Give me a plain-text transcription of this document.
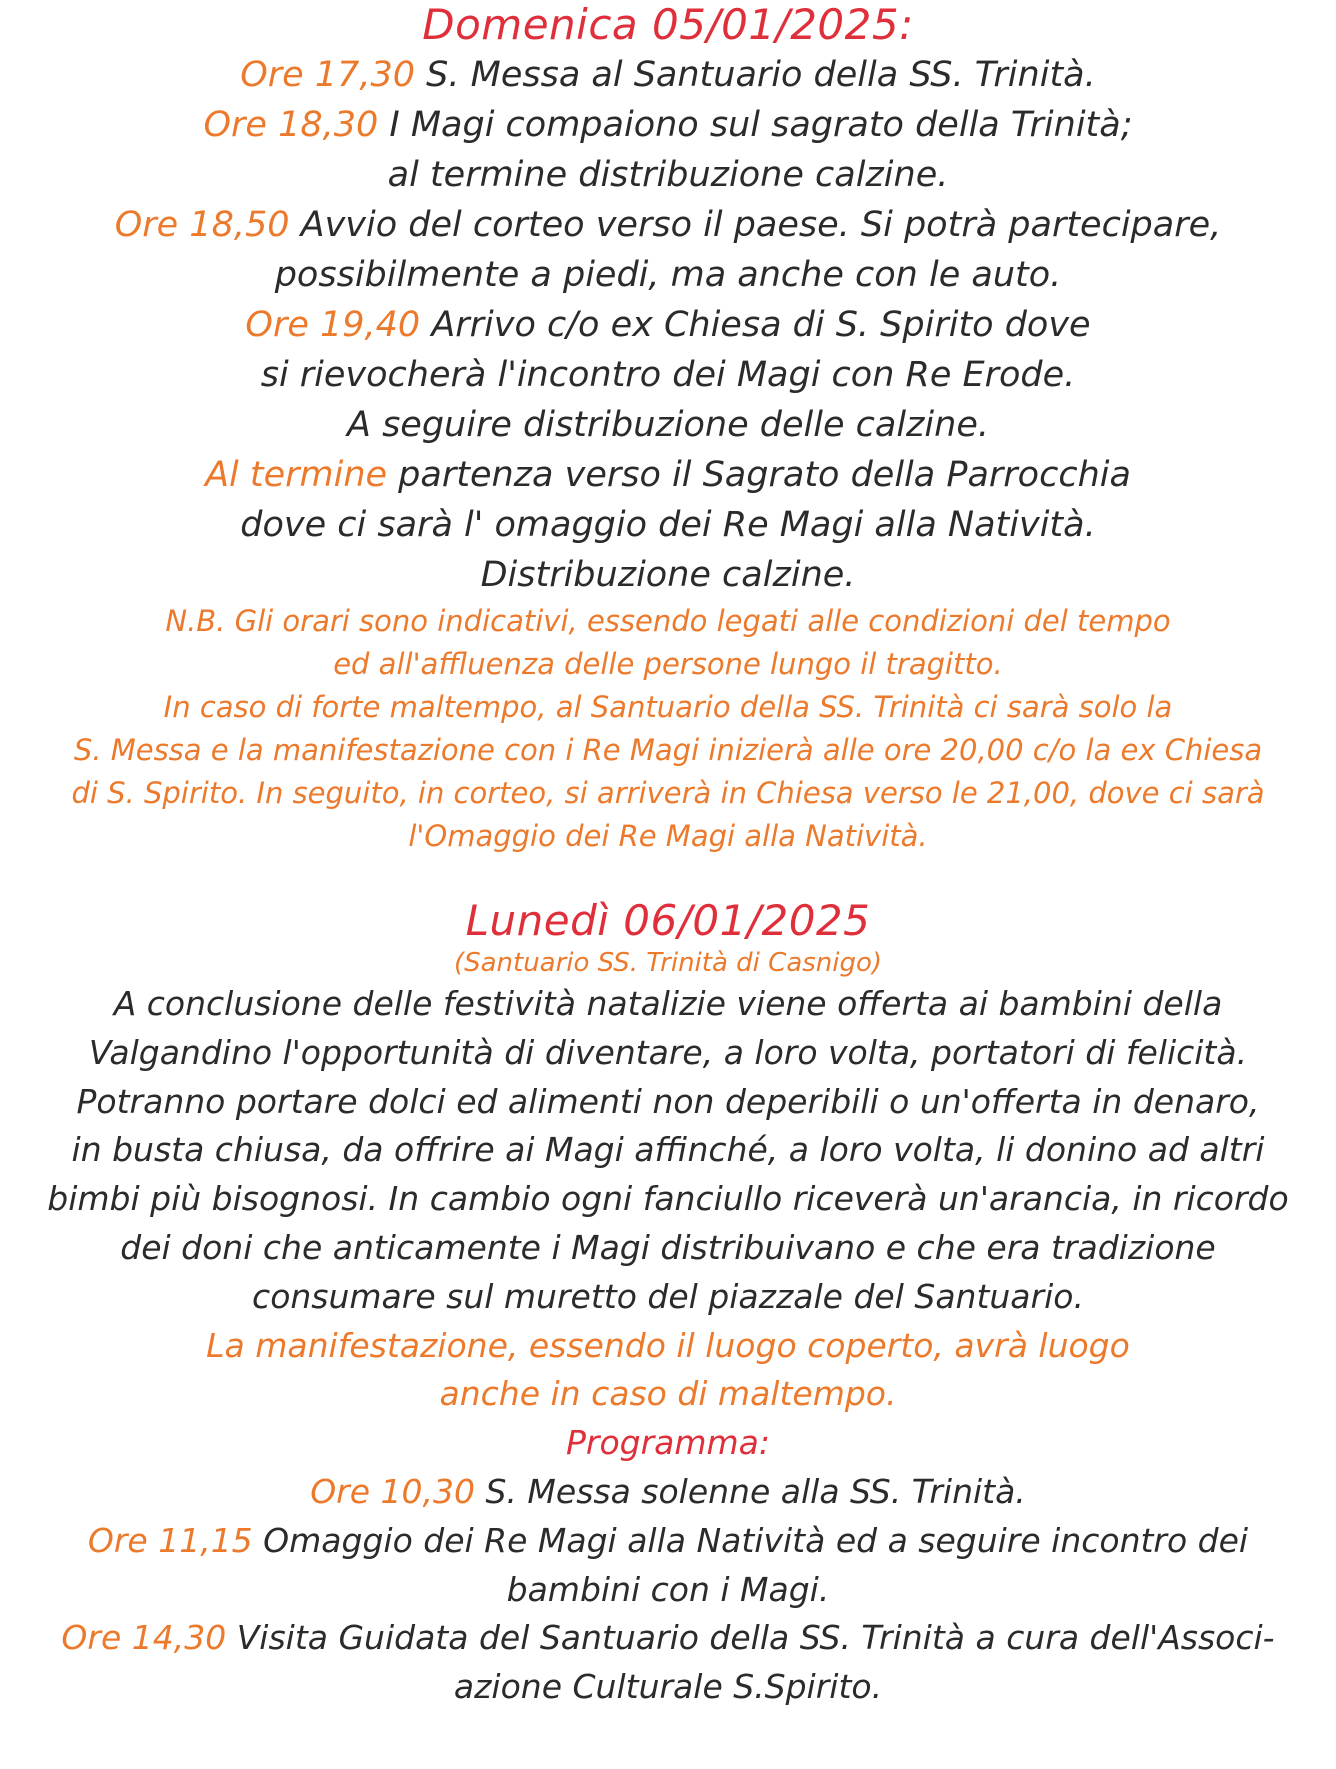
Domenica 05/01/2025:
Ore 17,30 S. Messa al Santuario della SS. Trinità.
Ore 18,30 I Magi compaiono sul sagrato della Trinità;
al termine distribuzione calzine.
Ore 18,50 Avvio del corteo verso il paese. Si potrà partecipare,
possibilmente a piedi, ma anche con le auto.
Ore 19,40 Arrivo c/o ex Chiesa di S. Spirito dove
si rievocherà l'incontro dei Magi con Re Erode.
A seguire distribuzione delle calzine.
Al termine partenza verso il Sagrato della Parrocchia
dove ci sarà l' omaggio dei Re Magi alla Natività.
Distribuzione calzine.
N.B. Gli orari sono indicativi, essendo legati alle condizioni del tempo
ed all'affluenza delle persone lungo il tragitto.
In caso di forte maltempo, al Santuario della SS. Trinità ci sarà solo la
S. Messa e la manifestazione con i Re Magi inizierà alle ore 20,00 c/o la ex Chiesa
di S. Spirito. In seguito, in corteo, si arriverà in Chiesa verso le 21,00, dove ci sarà
l'Omaggio dei Re Magi alla Natività.
Lunedì 06/01/2025
(Santuario SS. Trinità di Casnigo)
A conclusione delle festività natalizie viene offerta ai bambini della
Valgandino l'opportunità di diventare, a loro volta, portatori di felicità.
Potranno portare dolci ed alimenti non deperibili o un'offerta in denaro,
in busta chiusa, da offrire ai Magi affinché, a loro volta, li donino ad altri
bimbi più bisognosi. In cambio ogni fanciullo riceverà un'arancia, in ricordo
dei doni che anticamente i Magi distribuivano e che era tradizione
consumare sul muretto del piazzale del Santuario.
La manifestazione, essendo il luogo coperto, avrà luogo
anche in caso di maltempo.
Programma:
Ore 10,30 S. Messa solenne alla SS. Trinità.
Ore 11,15 Omaggio dei Re Magi alla Natività ed a seguire incontro dei
bambini con i Magi.
Ore 14,30 Visita Guidata del Santuario della SS. Trinità a cura dell'Associ-
azione Culturale S.Spirito.
